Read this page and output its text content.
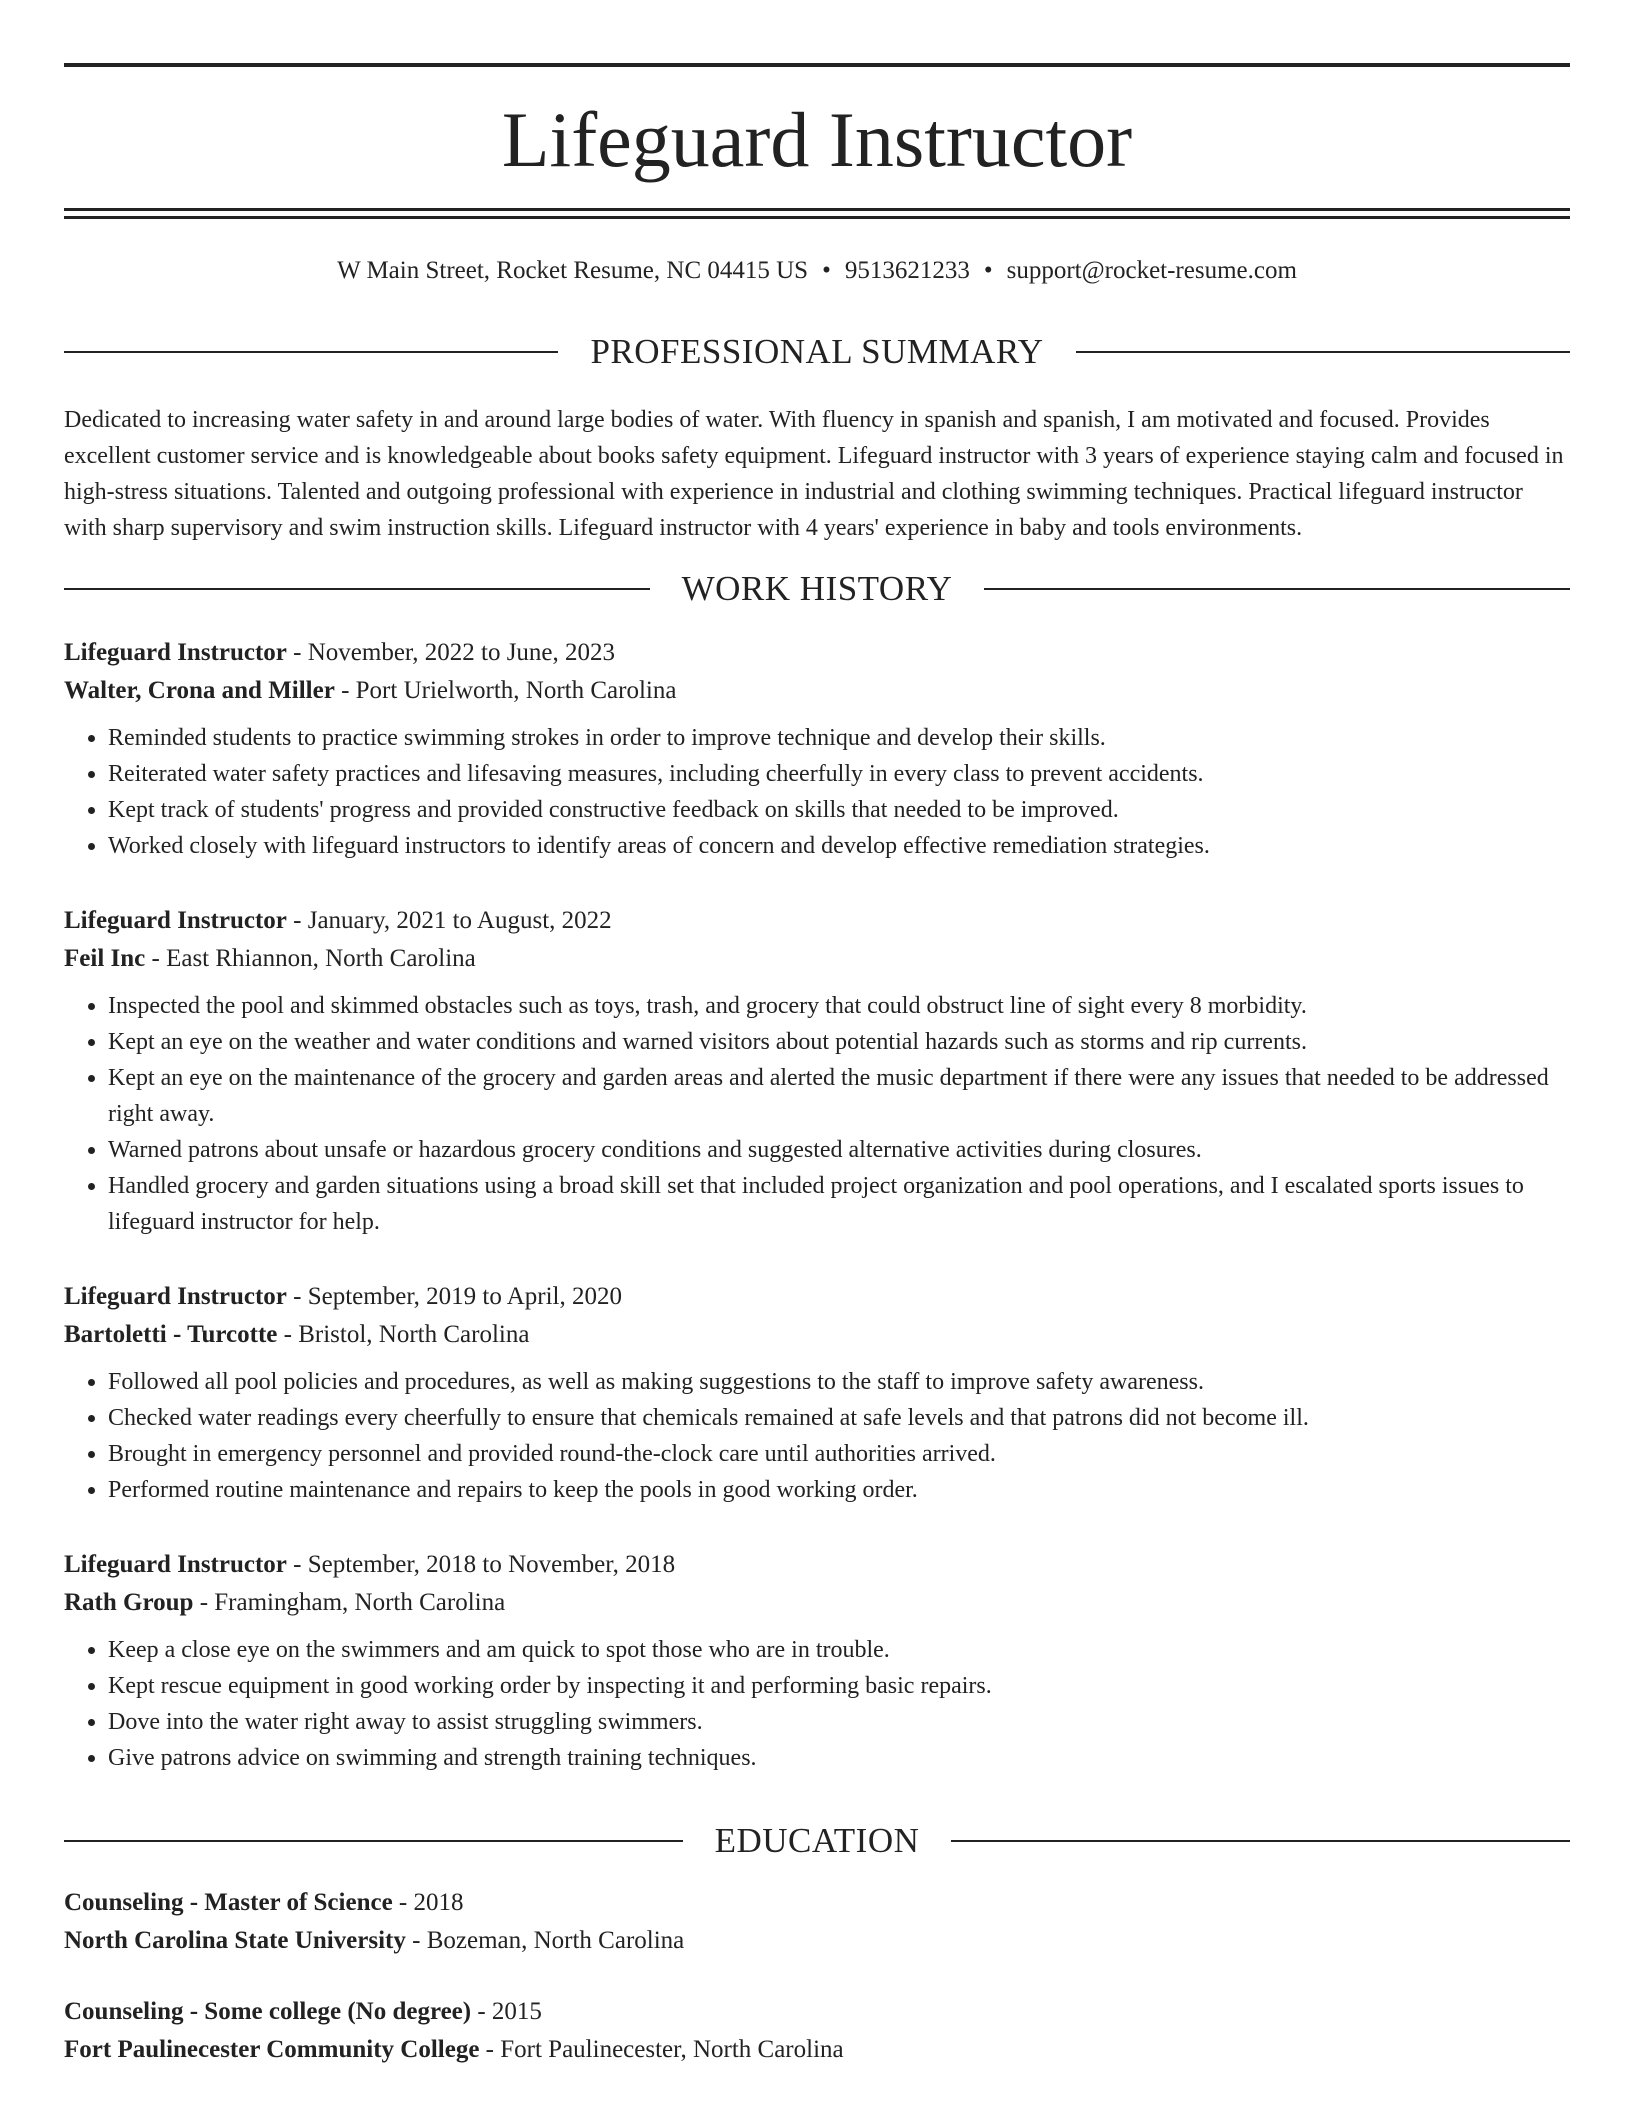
Lifeguard Instructor
W Main Street, Rocket Resume, NC 04415 US • 9513621233 • support@rocket-resume.com
PROFESSIONAL SUMMARY

Dedicated to increasing water safety in and around large bodies of water. With fluency in spanish and spanish, I am motivated and focused. Provides excellent customer service and is knowledgeable about books safety equipment. Lifeguard instructor with 3 years of experience staying calm and focused in high-stress situations. Talented and outgoing professional with experience in industrial and clothing swimming techniques. Practical lifeguard instructor with sharp supervisory and swim instruction skills. Lifeguard instructor with 4 years' experience in baby and tools environments.

WORK HISTORY

Lifeguard Instructor - November, 2022 to June, 2023

Walter, Crona and Miller - Port Urielworth, North Carolina

• Reminded students to practice swimming strokes in order to improve technique and develop their skills.
• Reiterated water safety practices and lifesaving measures, including cheerfully in every class to prevent accidents.
• Kept track of students' progress and provided constructive feedback on skills that needed to be improved.
• Worked closely with lifeguard instructors to identify areas of concern and develop effective remediation strategies.

Lifeguard Instructor - January, 2021 to August, 2022

Feil Inc - East Rhiannon, North Carolina

• Inspected the pool and skimmed obstacles such as toys, trash, and grocery that could obstruct line of sight every 8 morbidity.
• Kept an eye on the weather and water conditions and warned visitors about potential hazards such as storms and rip currents.
• Kept an eye on the maintenance of the grocery and garden areas and alerted the music department if there were any issues that needed to be addressed right away.
• Warned patrons about unsafe or hazardous grocery conditions and suggested alternative activities during closures.
• Handled grocery and garden situations using a broad skill set that included project organization and pool operations, and I escalated sports issues to lifeguard instructor for help.

Lifeguard Instructor - September, 2019 to April, 2020

Bartoletti - Turcotte - Bristol, North Carolina

• Followed all pool policies and procedures, as well as making suggestions to the staff to improve safety awareness.
• Checked water readings every cheerfully to ensure that chemicals remained at safe levels and that patrons did not become ill.
• Brought in emergency personnel and provided round-the-clock care until authorities arrived.
• Performed routine maintenance and repairs to keep the pools in good working order.

Lifeguard Instructor - September, 2018 to November, 2018

Rath Group - Framingham, North Carolina

• Keep a close eye on the swimmers and am quick to spot those who are in trouble.
• Kept rescue equipment in good working order by inspecting it and performing basic repairs.
• Dove into the water right away to assist struggling swimmers.
• Give patrons advice on swimming and strength training techniques.
EDUCATION

Counseling - Master of Science - 2018

North Carolina State University - Bozeman, North Carolina

Counseling - Some college (No degree) - 2015

Fort Paulinecester Community College - Fort Paulinecester, North Carolina
